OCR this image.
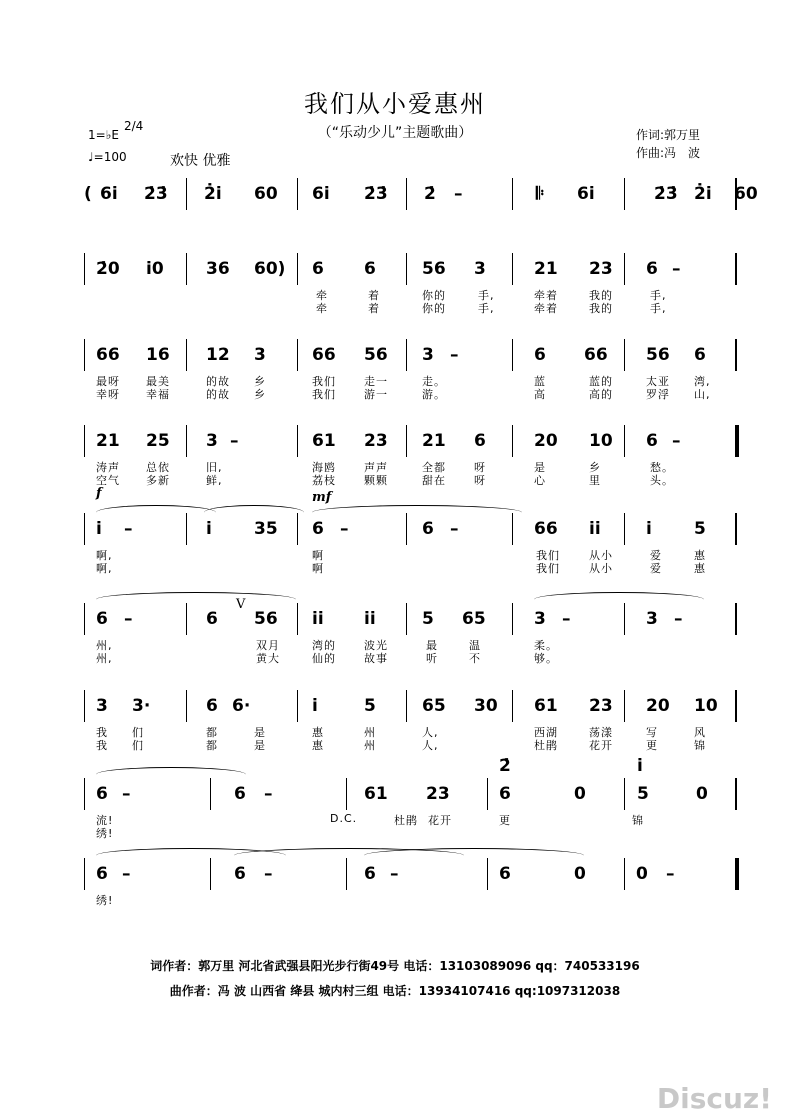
我们从小爱惠州
（“乐动少儿”主题歌曲）	作词:郭万里
作曲:冯　波
1=♭E
2/4
♩=100	欢快 优雅
( 6i 2̇3̇ 2̇i 60 6i 2̇3̇ 2̇ –	𝄆 6i	2̇3̇ 2̇i 60
2̇0 i0 36 60) 6 6	56 3	21 23 6 –
牵	着	你的	手,	牵着	我的	手,
牵	着	你的	手,	牵着	我的	手,
66 16 12 3	66 56 3 –	6 66 56 6
最呀 最美	的故 乡	我们	走一	走。	蓝	蓝的	太亚 湾,
幸呀 幸福	的故 乡	我们	游一	游。	高	高的	罗浮 山,
21 25 3 –	61 23 21 6	20 10 6 –
涛声 总依	旧,	海鸥	声声	全都	呀	是	乡	愁。
空气 多新	鲜,	荔枝	颗颗	甜在	呀	心	里	头。
i –	i 35 6 –	6 –	66 ii	i 5
啊,	啊	我们	从小	爱	惠
啊,	啊	我们	从小	爱	惠
6 –	6 56 ii ii	5 65	3 –	3 –
州,	双月	湾的	波光	最	温	柔。
州,	黄大	仙的	故事	听	不	够。
3 3·	6 6·	i	5	65 30 61 23 20 10
我 们	都	是	惠	州	人,	西湖	荡漾	写	风
我 们	都	是	惠	州	人,	杜鹃	花开	更	锦
6 –	6 –	61 23	6	0	5	0
2̇	i
流!	D.C.	杜鹃 花开	更	锦
绣!
6 –	6 –	6 –	6	0	0 –
绣!
词作者：郭万里 河北省武强县阳光步行街49号 电话：13103089096 qq：740533196
曲作者：冯 波 山西省 绛县 城内村三组 电话：13934107416 qq:1097312038
Discuz!
f	mf
V
